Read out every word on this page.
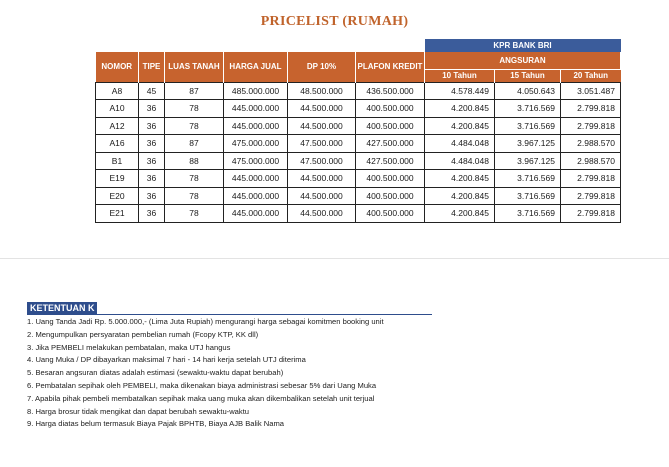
PRICELIST (RUMAH)
						KPR BANK BRI		
NOMOR	TIPE	LUAS TANAH	HARGA JUAL	DP 10%	PLAFON KREDIT	ANGSURAN		
						10 Tahun	15 Tahun	20 Tahun
A8	45	87	485.000.000	48.500.000	436.500.000	4.578.449	4.050.643	3.051.487
A10	36	78	445.000.000	44.500.000	400.500.000	4.200.845	3.716.569	2.799.818
A12	36	78	445.000.000	44.500.000	400.500.000	4.200.845	3.716.569	2.799.818
A16	36	87	475.000.000	47.500.000	427.500.000	4.484.048	3.967.125	2.988.570
B1	36	88	475.000.000	47.500.000	427.500.000	4.484.048	3.967.125	2.988.570
E19	36	78	445.000.000	44.500.000	400.500.000	4.200.845	3.716.569	2.799.818
E20	36	78	445.000.000	44.500.000	400.500.000	4.200.845	3.716.569	2.799.818
E21	36	78	445.000.000	44.500.000	400.500.000	4.200.845	3.716.569	2.799.818
KETENTUAN K
1. Uang Tanda Jadi Rp. 5.000.000,- (Lima Juta Rupiah) mengurangi harga sebagai komitmen booking unit
2. Mengumpulkan persyaratan pembelian rumah (Fcopy KTP, KK dll)
3. Jika PEMBELI melakukan pembatalan, maka UTJ hangus
4. Uang Muka / DP dibayarkan maksimal 7 hari - 14 hari kerja setelah UTJ diterima
5. Besaran angsuran diatas adalah estimasi (sewaktu-waktu dapat berubah)
6. Pembatalan sepihak oleh PEMBELI, maka dikenakan biaya administrasi sebesar 5% dari Uang Muka
7. Apabila pihak pembeli membatalkan sepihak maka uang muka akan dikembalikan setelah unit terjual
8. Harga brosur tidak mengikat dan dapat berubah sewaktu-waktu
9. Harga diatas belum termasuk Biaya Pajak BPHTB, Biaya AJB Balik Nama
